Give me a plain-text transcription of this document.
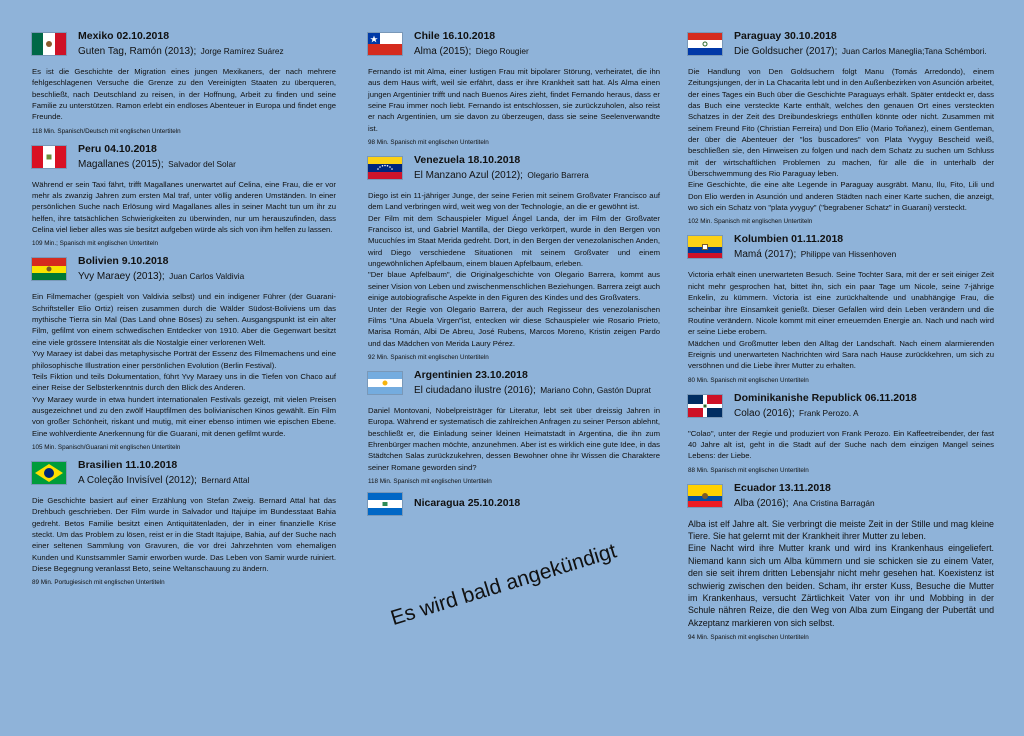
Mexiko 02.10.2018
Guten Tag, Ramón (2013); Jorge Ramírez Suárez

Es ist die Geschichte der Migration eines jungen Mexikaners, der nach mehrere fehlgeschlagenen Versuche die Grenze zu den Vereinigten Staaten zu überqueren, beschließt, nach Deutschland zu reisen, in der Hoffnung, Arbeit zu finden und seine Familie zu unterstützen. Ramon erlebt ein endloses Abenteuer in Europa und findet enge Freunde.

118 Min. Spanisch/Deutsch mit englischen Untertiteln

Peru 04.10.2018
Magallanes (2015); Salvador del Solar

Während er sein Taxi fährt, trifft Magallanes unerwartet auf Celina, eine Frau, die er vor mehr als zwanzig Jahren zum ersten Mal traf, unter völlig anderen Umständen. In einer persönlichen Suche nach Erlösung wird Magallanes alles in seiner Macht tun um ihr zu helfen, ihre tatsächlichen Schwierigkeiten zu überwinden, nur um herauszufinden, dass Celina viel lieber alles was sie besitzt aufgeben würde als sich von ihm helfen zu lassen.

109 Min.; Spanisch mit englischen Untertiteln

Bolivien 9.10.2018
Yvy Maraey (2013); Juan Carlos Valdivia

Ein Filmemacher (gespielt von Valdivia selbst) und ein indigener Führer (der Guarani-Schriftsteller Elio Ortiz) reisen zusammen durch die Wälder Südost-Boliviens um das mythische Tierra sin Mal (Das Land ohne Böses) zu sehen. Ausgangspunkt ist ein alter Film, gefilmt von einem schwedischen Entdecker von 1910. Aber die Gegenwart besitzt eine viele grössere Intensität als die Nostalgie einer verlorenen Welt.
Yvy Maraey ist dabei das metaphysische Porträt der Essenz des Filmemachens und eine philosophische Illustration einer persönlichen Evolution (Berlin Festival).
Teils Fiktion und teils Dokumentation, führt Yvy Maraey uns in die Tiefen von Chaco auf einer Reise der Selbsterkenntnis durch den Blick des Anderen.
Yvy Maraey wurde in etwa hundert internationalen Festivals gezeigt, mit vielen Preisen ausgezeichnet und zu den zwölf Hauptfilmen des bolivianischen Kinos gewählt. Ein Film von großer Schönheit, riskant und mutig, mit einer ebenso intimen wie epischen Ebene. Eine wohlverdiente Anerkennung für die Guarani, mit denen gefilmt wurde.

105 Min. Spanisch/Guarani mit englischen Untertiteln

Brasilien 11.10.2018
A Coleção Invisível (2012); Bernard Attal

Die Geschichte basiert auf einer Erzählung von Stefan Zweig. Bernard Attal hat das Drehbuch geschrieben. Der Film wurde in Salvador und Itajuipe im Bundesstaat Bahia gedreht. Betos Familie besitzt einen Antiquitätenladen, der in einer finanzielle Krise steckt. Um das Problem zu lösen, reist er in die Stadt Itajuipe, Bahia, auf der Suche nach einer seltenen Sammlung von Gravuren, die vor drei Jahrzehnten vom ehemaligen Kunden und Kunstsammler Samir erworben wurde. Das Leben von Samir wurde ruiniert. Diese Begegnung veranlasst Beto, seine Weltanschauung zu ändern.

89 Min. Portugiesisch mit englischen Untertiteln

Chile 16.10.2018
Alma (2015); Diego Rougier

Fernando ist mit Alma, einer lustigen Frau mit bipolarer Störung, verheiratet, die ihn aus dem Haus wirft, weil sie erfährt, dass er ihre Krankheit satt hat. Als Alma einen jungen Argentinier trifft und nach Buenos Aires zieht, findet Fernando heraus, dass er seine Frau immer noch liebt. Fernando ist entschlossen, sie zurückzuholen, also reist er nach Argentinien, um sie davon zu überzeugen, dass sie seine Seelenverwandte ist.

98 Min. Spanisch mit englischen Untertiteln

Venezuela 18.10.2018
El Manzano Azul (2012); Olegario Barrera

Diego ist ein 11-jähriger Junge, der seine Ferien mit seinem Großvater Francisco auf dem Land verbringen wird, weit weg von der Technologie, an die er gewöhnt ist.
Der Film mit dem Schauspieler Miguel Ángel Landa, der im Film der Großvater Francisco ist, und Gabriel Mantilla, der Diego verkörpert, wurde in den Bergen von Mucuchíes im Staat Merida gedreht. Dort, in den Bergen der venezolanischen Anden, wird Diego verschiedene Situationen mit seinem Großvater und einem ungewöhnlichen Apfelbaum, einem blauen Apfelbaum, erleben.
"Der blaue Apfelbaum", die Originalgeschichte von Olegario Barrera, kommt aus seiner Vision von Leben und zwischenmenschlichen Beziehungen. Barrera zeigt auch einige autobiografische Aspekte in den Figuren des Kindes und des Großvaters.
Unter der Regie von Olegario Barrera, der auch Regisseur des venezolanischen Films "Una Abuela Virgen"ist, entecken wir diese Schauspieler wie Rosario Prieto, Marisa Román, Albi De Abreu, José Rubens, Marcos Moreno, Kristin zeigen Pardo und das Mädchen von Merida Laury Pérez.

92 Min. Spanisch mit englischen Untertiteln

Argentinien 23.10.2018
El ciudadano ilustre (2016); Mariano Cohn, Gastón Duprat

Daniel Montovani, Nobelpreisträger für Literatur, lebt seit über dreissig Jahren in Europa. Während er systematisch die zahlreichen Anfragen zu seiner Person ablehnt, beschließt er, die Einladung seiner kleinen Heimatstadt in Argentina, die ihn zum Ehrenbürger machen möchte, anzunehmen. Aber ist es wirklich eine gute Idee, in das Städtchen Salas zurückzukehren, dessen Bewohner ohne ihr Wissen die Charaktere seiner Romane geworden sind?

118 Min. Spanisch mit englischen Untertiteln

Nicaragua 25.10.2018
Es wird bald angekündigt
Paraguay 30.10.2018
Die Goldsucher (2017); Juan Carlos Maneglia;Tana Schémbori.

Die Handlung von Den Goldsuchern folgt Manu (Tomás Arredondo), einem Zeitungsjungen, der in La Chacarita lebt und in den Außenbezirken von Asunción arbeitet, der eines Tages ein Buch über die Geschichte Paraguays erhält. Später entdeckt er, dass das Buch eine versteckte Karte enthält, welches den genauen Ort eines versteckten Schatzes in der Zeit des Dreibundeskriegs enthüllen könnte oder nicht. Zusammen mit seinem Freund Fito (Christian Ferreira) und Don Elio (Mario Toñanez), einem Gentleman, der über die Abenteuer der "los buscadores" von Plata Yvyguy Bescheid weiß, beschließen sie, den Hinweisen zu folgen und nach dem Schatz zu suchen um Schluss mit der wirtschaftlichen Problemen zu machen, für alle die in unterhalb der Überschwemmung des Rio Paraguay leben.
Eine Geschichte, die eine alte Legende in Paraguay ausgräbt. Manu, Ilu, Fito, Lili und Don Elio werden in Asunción und anderen Städten nach einer Karte suchen, die anzeigt, wo sich ein Schatz von "plata yvyguy" ("begrabener Schatz" in Guarani) versteckt.

102 Min. Spanisch mit englischen Untertiteln

Kolumbien 01.11.2018
Mamá (2017); Philippe van Hissenhoven

Victoria erhält einen unerwarteten Besuch. Seine Tochter Sara, mit der er seit einiger Zeit nicht mehr gesprochen hat, bittet ihn, sich ein paar Tage um Nicole, seine 7-jährige Enkelin, zu kümmern. Victoria ist eine zurückhaltende und unabhängige Frau, die scheinbar ihre Einsamkeit genießt. Dieser Gefallen wird dein Leben verändern und die Routine verändern. Nicole kommt mit einer erneuernden Energie an. Nach und nach wird er seine Liebe erobern.
Mädchen und Großmutter leben den Alltag der Landschaft. Nach einem alarmierenden Ereignis und unerwarteten Nachrichten wird Sara nach Hause zurückkehren, um sich zu versöhnen und die Liebe ihrer Mutter zu erhalten.

80 Min. Spanisch mit englischen Untertiteln

Dominikanishe Republick 06.11.2018
Colao (2016); Frank Perozo. A

"Colao", unter der Regie und produziert von Frank Perozo. Ein Kaffeetreibender, der fast 40 Jahre alt ist, geht in die Stadt auf der Suche nach dem einzigen Mangel seines Lebens: der Liebe.

88 Min. Spanisch mit englischen Untertiteln

Ecuador 13.11.2018
Alba (2016); Ana Cristina Barragán

Alba ist elf Jahre alt. Sie verbringt die meiste Zeit in der Stille und mag kleine Tiere. Sie hat gelernt mit der Krankheit ihrer Mutter zu leben.
Eine Nacht wird ihre Mutter krank und wird ins Krankenhaus eingeliefert. Niemand kann sich um Alba kümmern und sie schicken sie zu einem Vater, den sie seit ihrem dritten Lebensjahr nicht mehr gesehen hat. Koexistenz ist schwierig zwischen den beiden. Scham, ihr erster Kuss, Besuche die Mutter im Krankenhaus, versucht Zärtlichkeit Vater von ihr und Mobbing in der Schule nähren Reize, die den Weg von Alba zum Eingang der Pubertät und Akzeptanz markieren von sich selbst.

94 Min. Spanisch mit englischen Untertiteln
